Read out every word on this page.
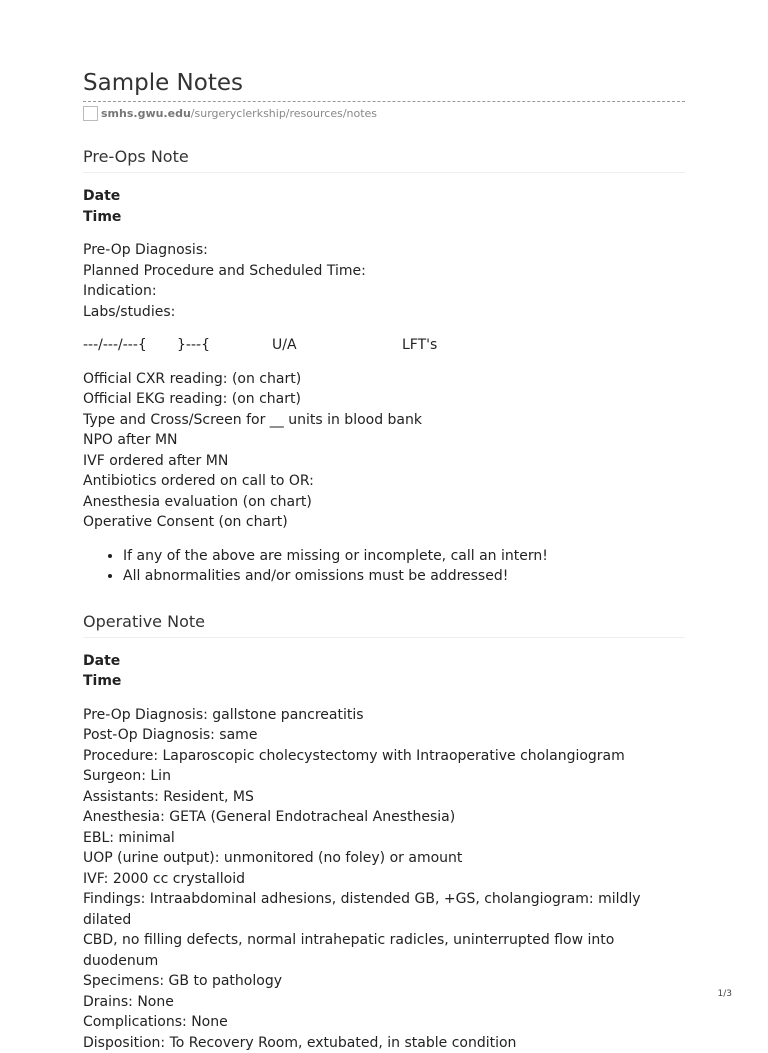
Sample Notes
smhs.gwu.edu /surgeryclerkship/resources/notes
Pre-Ops Note
Date
Time
Pre-Op Diagnosis:
Planned Procedure and Scheduled Time:
Indication:
Labs/studies:
---/---/---{	}---{	U/A	LFT's
Official CXR reading: (on chart)
Official EKG reading: (on chart)
Type and Cross/Screen for __ units in blood bank
NPO after MN
IVF ordered after MN
Antibiotics ordered on call to OR:
Anesthesia evaluation (on chart)
Operative Consent (on chart)
• If any of the above are missing or incomplete, call an intern!
• All abnormalities and/or omissions must be addressed!
Operative Note
Date
Time
Pre-Op Diagnosis: gallstone pancreatitis
Post-Op Diagnosis: same
Procedure: Laparoscopic cholecystectomy with Intraoperative cholangiogram
Surgeon: Lin
Assistants: Resident, MS
Anesthesia: GETA (General Endotracheal Anesthesia)
EBL: minimal
UOP (urine output): unmonitored (no foley) or amount
IVF: 2000 cc crystalloid
Findings: Intraabdominal adhesions, distended GB, +GS, cholangiogram: mildly dilated
CBD, no filling defects, normal intrahepatic radicles, uninterrupted flow into duodenum
Specimens: GB to pathology
Drains: None
Complications: None
Disposition: To Recovery Room, extubated, in stable condition
1/3
